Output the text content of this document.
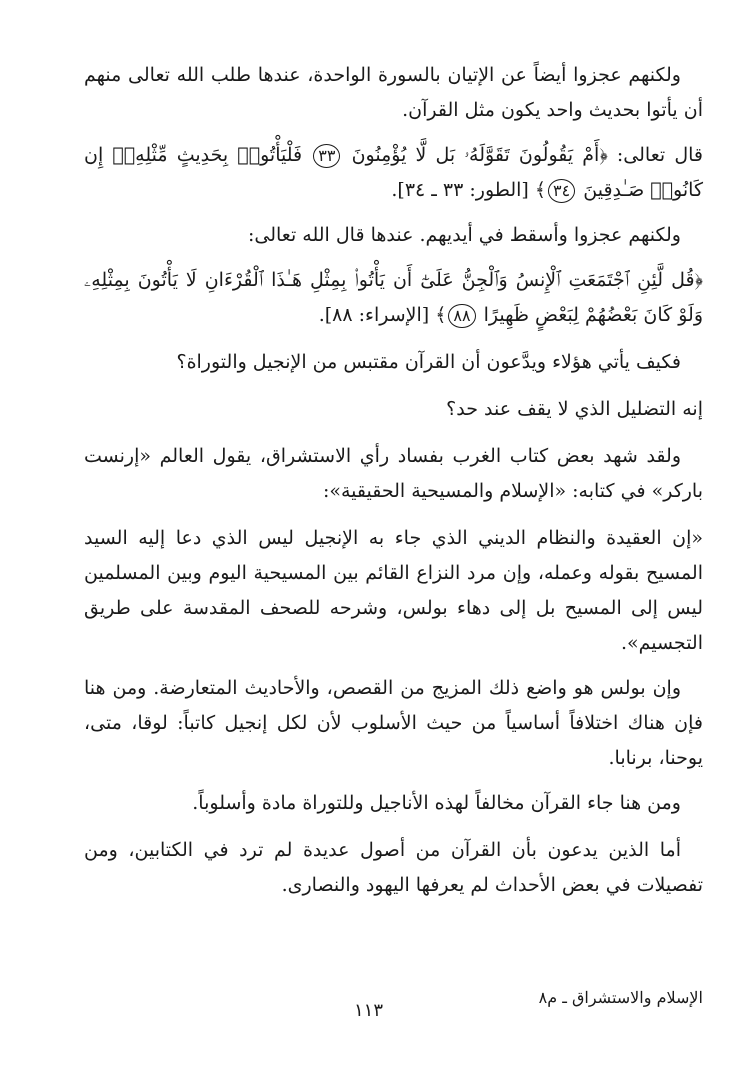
ولكنهم عجزوا أيضاً عن الإتيان بالسورة الواحدة، عندها طلب الله تعالى منهم أن يأتوا بحديث واحد يكون مثل القرآن.

قال تعالى: ﴿أَمْ يَقُولُونَ تَقَوَّلَهُۥ بَل لَّا يُؤْمِنُونَ ٣٣ فَلْيَأْتُوا۟ بِحَدِيثٍ مِّثْلِهِۦٓ إِن كَانُوا۟ صَـٰدِقِينَ ٣٤﴾ [الطور: ٣٣ ـ ٣٤].

ولكنهم عجزوا وأسقط في أيديهم. عندها قال الله تعالى:

﴿قُل لَّئِنِ ٱجْتَمَعَتِ ٱلْإِنسُ وَٱلْجِنُّ عَلَىٰٓ أَن يَأْتُوا۟ بِمِثْلِ هَـٰذَا ٱلْقُرْءَانِ لَا يَأْتُونَ بِمِثْلِهِۦ وَلَوْ كَانَ بَعْضُهُمْ لِبَعْضٍ ظَهِيرًا ٨٨﴾ [الإسراء: ٨٨].

فكيف يأتي هؤلاء ويدَّعون أن القرآن مقتبس من الإنجيل والتوراة؟

إنه التضليل الذي لا يقف عند حد؟

ولقد شهد بعض كتاب الغرب بفساد رأي الاستشراق، يقول العالم «إرنست باركر» في كتابه: «الإسلام والمسيحية الحقيقية»:

«إن العقيدة والنظام الديني الذي جاء به الإنجيل ليس الذي دعا إليه السيد المسيح بقوله وعمله، وإن مرد النزاع القائم بين المسيحية اليوم وبين المسلمين ليس إلى المسيح بل إلى دهاء بولس، وشرحه للصحف المقدسة على طريق التجسيم».

وإن بولس هو واضع ذلك المزيج من القصص، والأحاديث المتعارضة. ومن هنا فإن هناك اختلافاً أساسياً من حيث الأسلوب لأن لكل إنجيل كاتباً: لوقا، متى، يوحنا، برنابا.

ومن هنا جاء القرآن مخالفاً لهذه الأناجيل وللتوراة مادة وأسلوباً.

أما الذين يدعون بأن القرآن من أصول عديدة لم ترد في الكتابين، ومن تفصيلات في بعض الأحداث لم يعرفها اليهود والنصارى.

الإسلام والاستشراق ـ م٨
١١٣
